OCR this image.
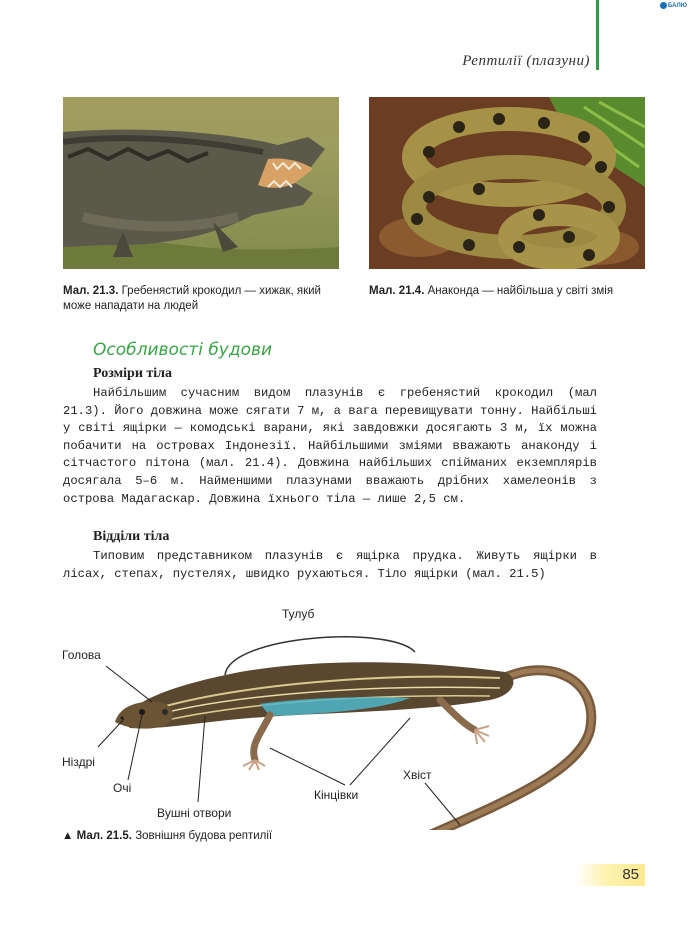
БАЛЮ
Рептилії (плазуни)
Мал. 21.3. Гребенястий крокодил — хижак, який може нападати на людей
Мал. 21.4. Анаконда — найбільша у світі змія
Особливості будови
Розміри тіла

Найбільшим сучасним видом плазунів є гребенястий крокодил (мал 21.3). Його довжина може сягати 7 м, а вага перевищувати тонну. Найбільші у світі ящірки — комодські варани, які завдовжки досягають 3 м, їх можна побачити на островах Індонезії. Найбільшими зміями вважають анаконду і сітчастого пітона (мал. 21.4). Довжина найбільших спійманих екземплярів досягала 5–6 м. Найменшими плазунами вважають дрібних хамелеонів з острова Мадагаскар. Довжина їхнього тіла — лише 2,5 см.

Відділи тіла

Типовим представником плазунів є ящірка прудка. Живуть ящірки в лісах, степах, пустелях, швидко рухаються. Тіло ящірки (мал. 21.5)

Тулуб
Голова
Ніздрі
Очі
Вушні отвори
Кінцівки
Хвіст
▲ Мал. 21.5. Зовнішня будова рептилії
85
